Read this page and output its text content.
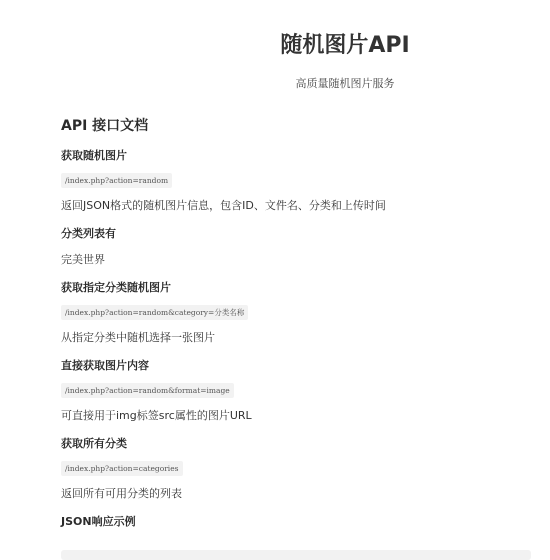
随机图片API

高质量随机图片服务

API 接口文档
获取随机图片
/index.php?action=random

返回JSON格式的随机图片信息，包含ID、文件名、分类和上传时间

分类列表有

完美世界

获取指定分类随机图片
/index.php?action=random&category=分类名称

从指定分类中随机选择一张图片

直接获取图片内容
/index.php?action=random&format=image

可直接用于img标签src属性的图片URL

获取所有分类
/index.php?action=categories

返回所有可用分类的列表

JSON响应示例
